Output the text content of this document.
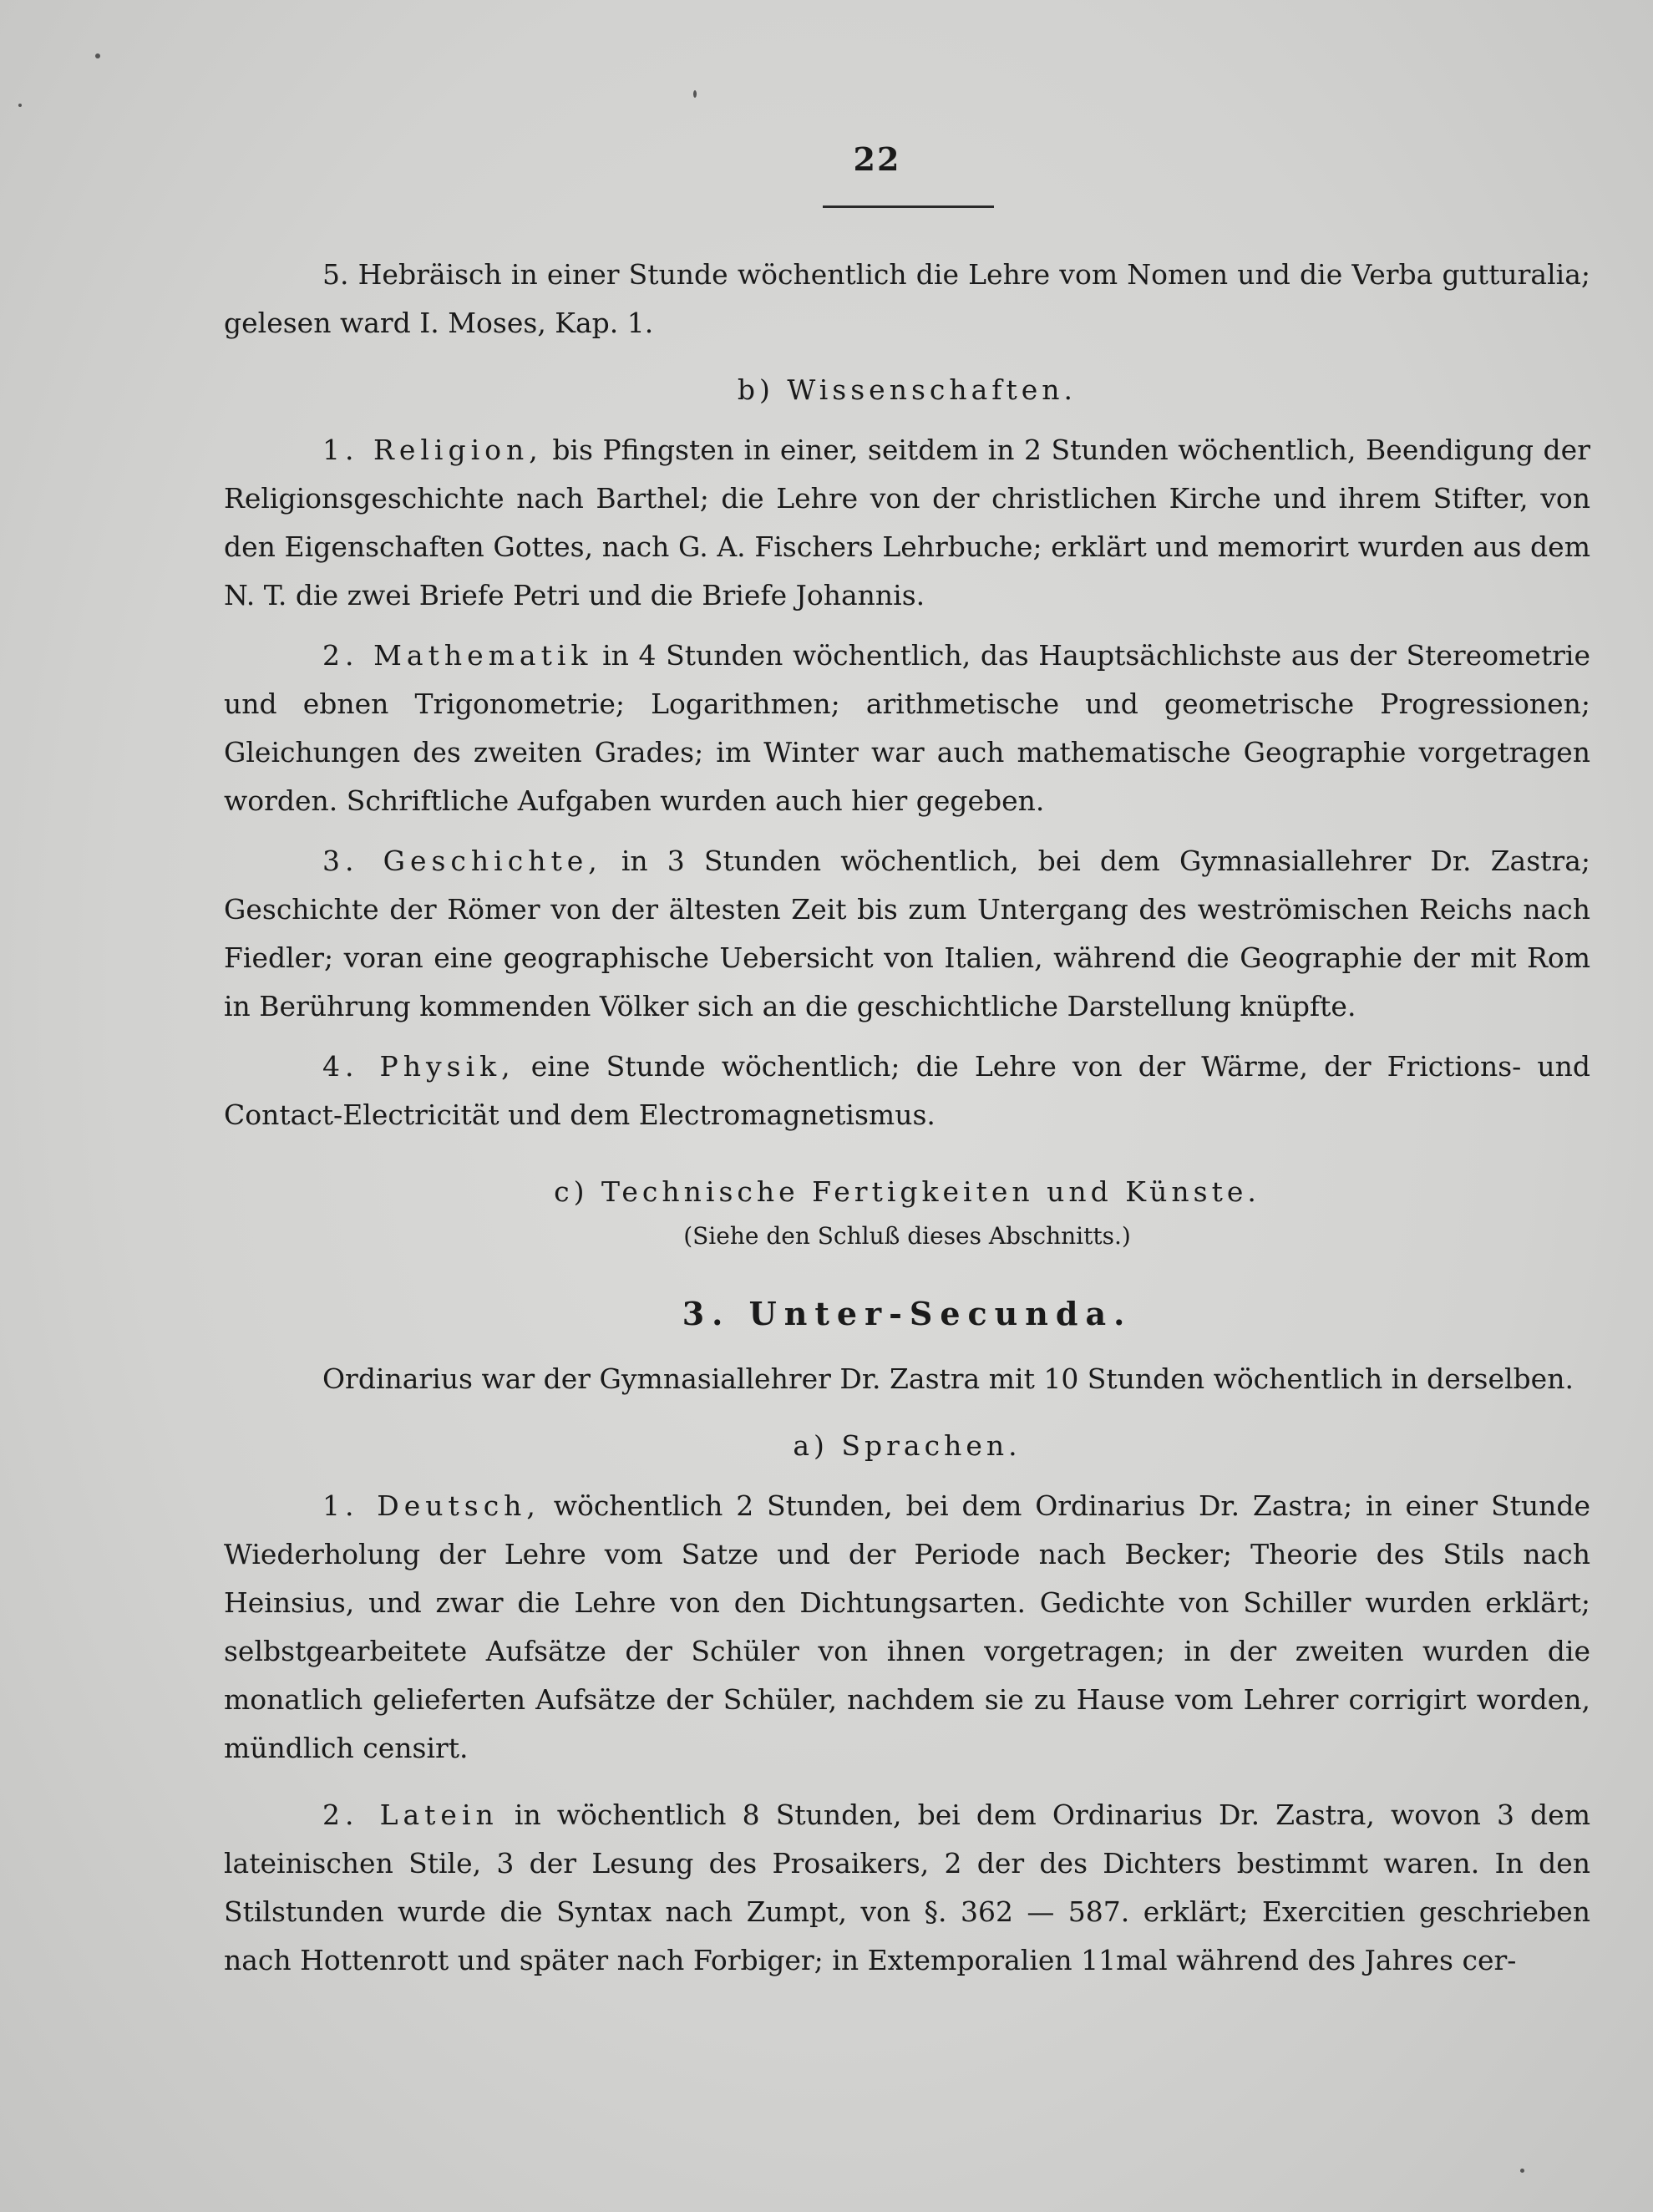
22

5. Hebräisch in einer Stunde wöchentlich die Lehre vom Nomen und die Verba gutturalia; gelesen ward I. Moses, Kap. 1.

b) Wissenschaften.

1. Religion, bis Pfingsten in einer, seitdem in 2 Stunden wöchentlich, Beendigung der Religionsgeschichte nach Barthel; die Lehre von der christlichen Kirche und ihrem Stifter, von den Eigenschaften Gottes, nach G. A. Fischers Lehrbuche; erklärt und memorirt wurden aus dem N. T. die zwei Briefe Petri und die Briefe Johannis.

2. Mathematik in 4 Stunden wöchentlich, das Hauptsächlichste aus der Stereometrie und ebnen Trigonometrie; Logarithmen; arithmetische und geometrische Progressionen; Gleichungen des zweiten Grades; im Winter war auch mathematische Geographie vorgetragen worden. Schriftliche Aufgaben wurden auch hier gegeben.

3. Geschichte, in 3 Stunden wöchentlich, bei dem Gymnasiallehrer Dr. Zastra; Geschichte der Römer von der ältesten Zeit bis zum Untergang des weströmischen Reichs nach Fiedler; voran eine geographische Uebersicht von Italien, während die Geographie der mit Rom in Berührung kommenden Völker sich an die geschichtliche Darstellung knüpfte.

4. Physik, eine Stunde wöchentlich; die Lehre von der Wärme, der Frictions- und Contact-Electricität und dem Electromagnetismus.

c) Technische Fertigkeiten und Künste.

(Siehe den Schluß dieses Abschnitts.)

3. Unter-Secunda.

Ordinarius war der Gymnasiallehrer Dr. Zastra mit 10 Stunden wöchentlich in derselben.

a) Sprachen.

1. Deutsch, wöchentlich 2 Stunden, bei dem Ordinarius Dr. Zastra; in einer Stunde Wiederholung der Lehre vom Satze und der Periode nach Becker; Theorie des Stils nach Heinsius, und zwar die Lehre von den Dichtungsarten. Gedichte von Schiller wurden erklärt; selbstgearbeitete Aufsätze der Schüler von ihnen vorgetragen; in der zweiten wurden die monatlich gelieferten Aufsätze der Schüler, nachdem sie zu Hause vom Lehrer corrigirt worden, mündlich censirt.

2. Latein in wöchentlich 8 Stunden, bei dem Ordinarius Dr. Zastra, wovon 3 dem lateinischen Stile, 3 der Lesung des Prosaikers, 2 der des Dichters bestimmt waren. In den Stilstunden wurde die Syntax nach Zumpt, von §. 362 — 587. erklärt; Exercitien geschrieben nach Hottenrott und später nach Forbiger; in Extemporalien 11mal während des Jahres cer-
